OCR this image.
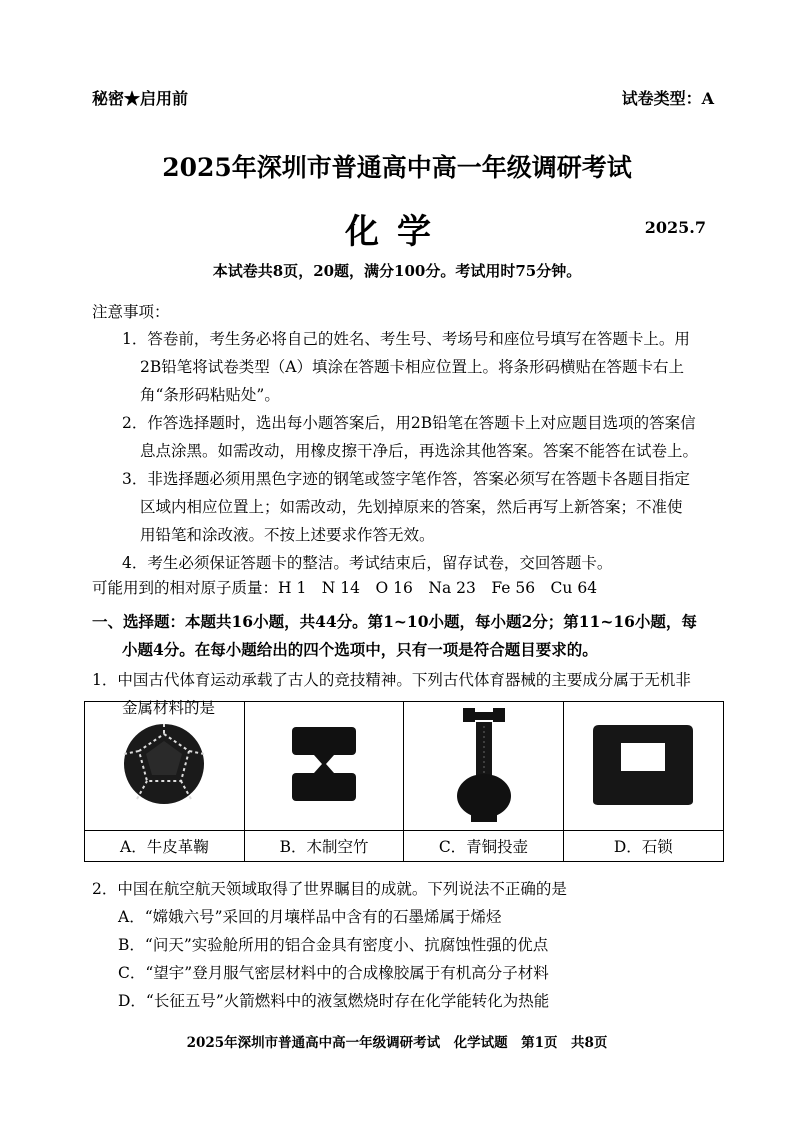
秘密★启用前	试卷类型：A
2025年深圳市普通高中高一年级调研考试
化学	2025.7
本试卷共8页，20题，满分100分。考试用时75分钟。
注意事项：
1．答卷前，考生务必将自己的姓名、考生号、考场号和座位号填写在答题卡上。用
2B铅笔将试卷类型（A）填涂在答题卡相应位置上。将条形码横贴在答题卡右上
角“条形码粘贴处”。
2．作答选择题时，选出每小题答案后，用2B铅笔在答题卡上对应题目选项的答案信
息点涂黑。如需改动，用橡皮擦干净后，再选涂其他答案。答案不能答在试卷上。
3．非选择题必须用黑色字迹的钢笔或签字笔作答，答案必须写在答题卡各题目指定
区域内相应位置上；如需改动，先划掉原来的答案，然后再写上新答案；不准使
用铅笔和涂改液。不按上述要求作答无效。
4．考生必须保证答题卡的整洁。考试结束后，留存试卷，交回答题卡。
可能用到的相对原子质量：H 1　N 14　O 16　Na 23　Fe 56　Cu 64
一、选择题：本题共16小题，共44分。第1~10小题，每小题2分；第11~16小题，每
小题4分。在每小题给出的四个选项中，只有一项是符合题目要求的。
1．中国古代体育运动承载了古人的竞技精神。下列古代体育器械的主要成分属于无机非
金属材料的是

A．牛皮革鞠	B．木制空竹	C．青铜投壶	D．石锁
2．中国在航空航天领域取得了世界瞩目的成就。下列说法不正确的是
A．“嫦娥六号”采回的月壤样品中含有的石墨烯属于烯烃
B．“问天”实验舱所用的铝合金具有密度小、抗腐蚀性强的优点
C．“望宇”登月服气密层材料中的合成橡胶属于有机高分子材料
D．“长征五号”火箭燃料中的液氢燃烧时存在化学能转化为热能
2025年深圳市普通高中高一年级调研考试　化学试题　第1页　共8页
